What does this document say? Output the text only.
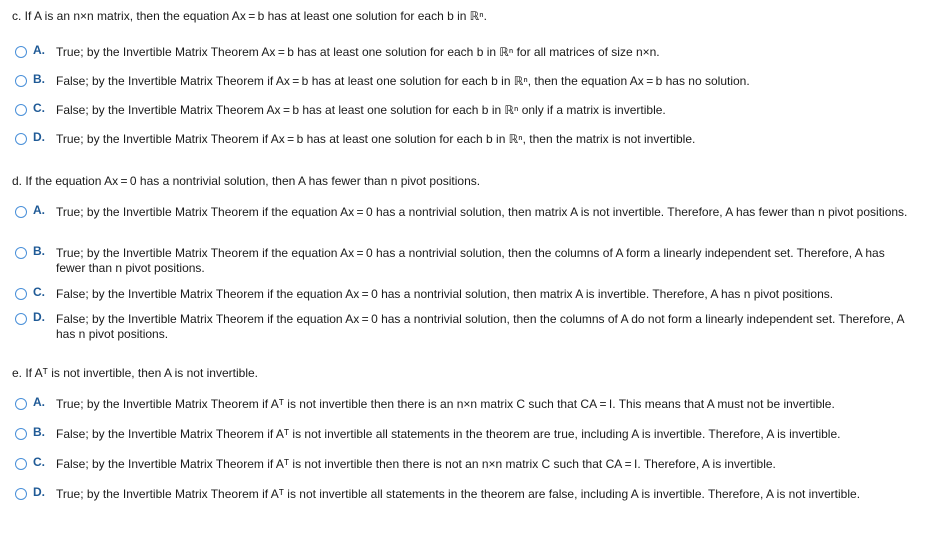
c. If A is an n×n matrix, then the equation Ax = b has at least one solution for each b in ℝⁿ.
A. True; by the Invertible Matrix Theorem Ax = b has at least one solution for each b in ℝⁿ for all matrices of size n×n.
B. False; by the Invertible Matrix Theorem if Ax = b has at least one solution for each b in ℝⁿ, then the equation Ax = b has no solution.
C. False; by the Invertible Matrix Theorem Ax = b has at least one solution for each b in ℝⁿ only if a matrix is invertible.
D. True; by the Invertible Matrix Theorem if Ax = b has at least one solution for each b in ℝⁿ, then the matrix is not invertible.
d. If the equation Ax = 0 has a nontrivial solution, then A has fewer than n pivot positions.
A. True; by the Invertible Matrix Theorem if the equation Ax = 0 has a nontrivial solution, then matrix A is not invertible. Therefore, A has fewer than n pivot positions.
B. True; by the Invertible Matrix Theorem if the equation Ax = 0 has a nontrivial solution, then the columns of A form a linearly independent set. Therefore, A has fewer than n pivot positions.
C. False; by the Invertible Matrix Theorem if the equation Ax = 0 has a nontrivial solution, then matrix A is invertible. Therefore, A has n pivot positions.
D. False; by the Invertible Matrix Theorem if the equation Ax = 0 has a nontrivial solution, then the columns of A do not form a linearly independent set. Therefore, A has n pivot positions.
e. If Aᵀ is not invertible, then A is not invertible.
A. True; by the Invertible Matrix Theorem if Aᵀ is not invertible then there is an n×n matrix C such that CA = I. This means that A must not be invertible.
B. False; by the Invertible Matrix Theorem if Aᵀ is not invertible all statements in the theorem are true, including A is invertible. Therefore, A is invertible.
C. False; by the Invertible Matrix Theorem if Aᵀ is not invertible then there is not an n×n matrix C such that CA = I. Therefore, A is invertible.
D. True; by the Invertible Matrix Theorem if Aᵀ is not invertible all statements in the theorem are false, including A is invertible. Therefore, A is not invertible.
